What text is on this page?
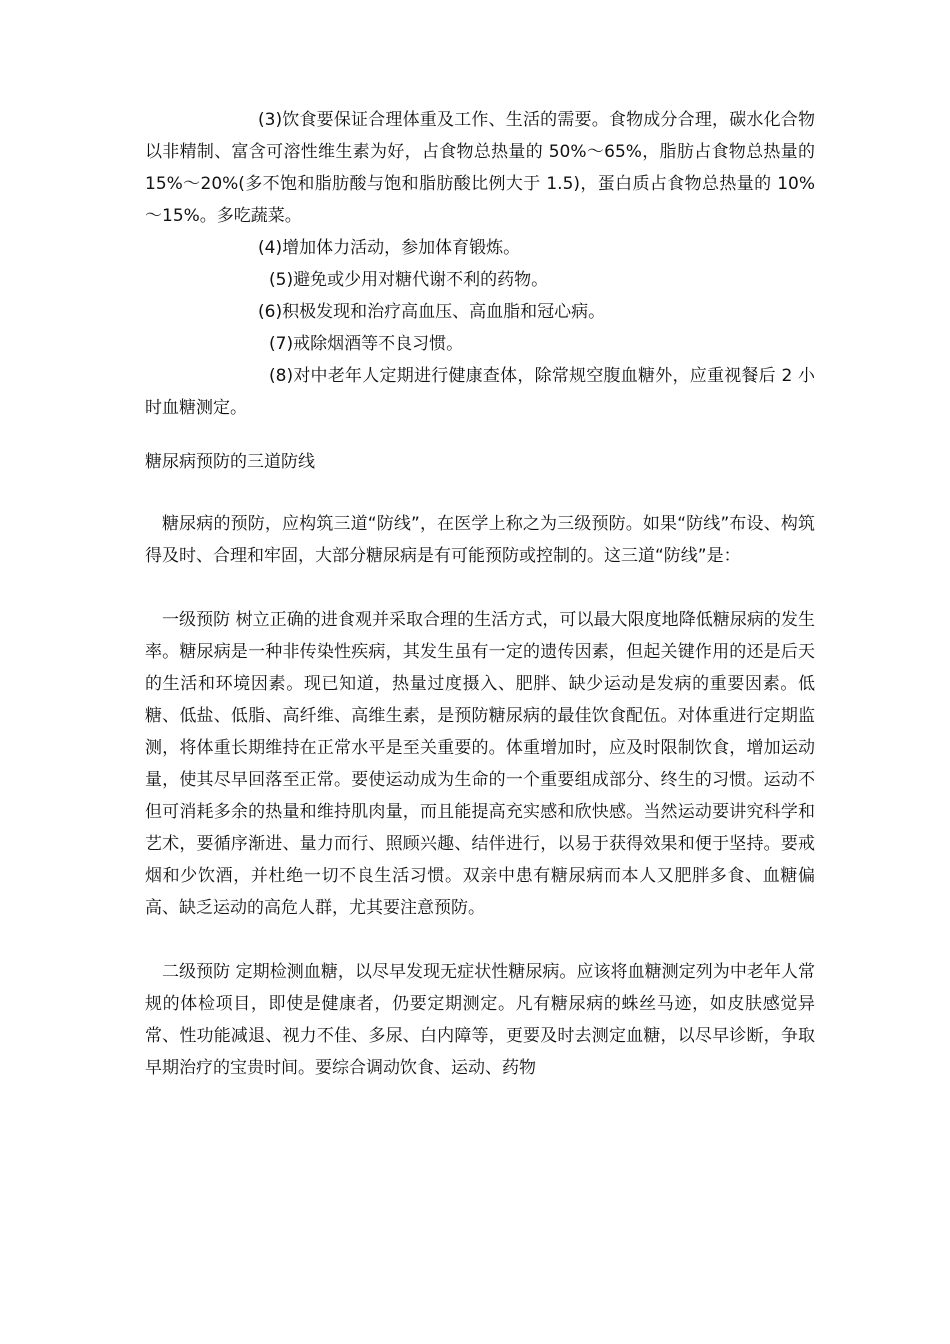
(3)饮食要保证合理体重及工作、生活的需要。食物成分合理，碳水化合物以非精制、富含可溶性维生素为好，占食物总热量的 50%～65%，脂肪占食物总热量的 15%～20%(多不饱和脂肪酸与饱和脂肪酸比例大于 1.5)，蛋白质占食物总热量的 10%～15%。多吃蔬菜。

(4)增加体力活动，参加体育锻炼。

(5)避免或少用对糖代谢不利的药物。

(6)积极发现和治疗高血压、高血脂和冠心病。

(7)戒除烟酒等不良习惯。

(8)对中老年人定期进行健康查体，除常规空腹血糖外，应重视餐后 2 小时血糖测定。

糖尿病预防的三道防线

糖尿病的预防，应构筑三道“防线”，在医学上称之为三级预防。如果“防线”布设、构筑得及时、合理和牢固，大部分糖尿病是有可能预防或控制的。这三道“防线”是：

一级预防 树立正确的进食观并采取合理的生活方式，可以最大限度地降低糖尿病的发生率。糖尿病是一种非传染性疾病，其发生虽有一定的遗传因素，但起关键作用的还是后天的生活和环境因素。现已知道，热量过度摄入、肥胖、缺少运动是发病的重要因素。低糖、低盐、低脂、高纤维、高维生素，是预防糖尿病的最佳饮食配伍。对体重进行定期监测，将体重长期维持在正常水平是至关重要的。体重增加时，应及时限制饮食，增加运动量，使其尽早回落至正常。要使运动成为生命的一个重要组成部分、终生的习惯。运动不但可消耗多余的热量和维持肌肉量，而且能提高充实感和欣快感。当然运动要讲究科学和艺术，要循序渐进、量力而行、照顾兴趣、结伴进行，以易于获得效果和便于坚持。要戒烟和少饮酒，并杜绝一切不良生活习惯。双亲中患有糖尿病而本人又肥胖多食、血糖偏高、缺乏运动的高危人群，尤其要注意预防。

二级预防 定期检测血糖，以尽早发现无症状性糖尿病。应该将血糖测定列为中老年人常规的体检项目，即使是健康者，仍要定期测定。凡有糖尿病的蛛丝马迹，如皮肤感觉异常、性功能减退、视力不佳、多尿、白内障等，更要及时去测定血糖，以尽早诊断，争取早期治疗的宝贵时间。要综合调动饮食、运动、药物
